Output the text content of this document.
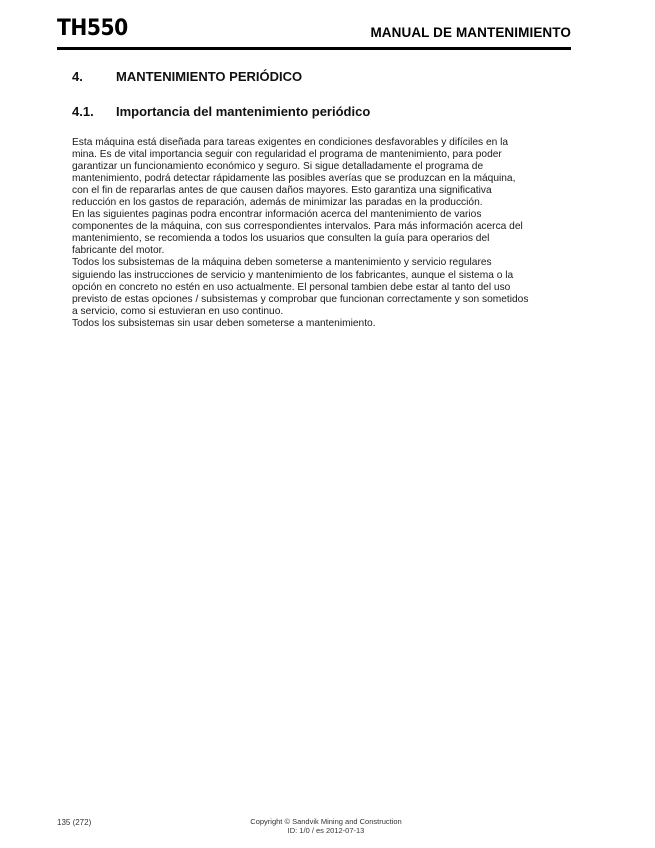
TH550	MANUAL DE MANTENIMIENTO
4.	MANTENIMIENTO PERIÓDICO
4.1. Importancia del mantenimiento periódico

Esta máquina está diseñada para tareas exigentes en condiciones desfavorables y difíciles en la
mina. Es de vital importancia seguir con regularidad el programa de mantenimiento, para poder
garantizar un funcionamiento económico y seguro. Si sigue detalladamente el programa de
mantenimiento, podrá detectar rápidamente las posibles averías que se produzcan en la máquina,
con el fin de repararlas antes de que causen daños mayores. Esto garantiza una significativa
reducción en los gastos de reparación, además de minimizar las paradas en la producción.

En las siguientes paginas podra encontrar información acerca del mantenimiento de varios
componentes de la máquina, con sus correspondientes intervalos. Para más información acerca del
mantenimiento, se recomienda a todos los usuarios que consulten la guía para operarios del
fabricante del motor.

Todos los subsistemas de la máquina deben someterse a mantenimiento y servicio regulares
siguiendo las instrucciones de servicio y mantenimiento de los fabricantes, aunque el sistema o la
opción en concreto no estén en uso actualmente. El personal tambien debe estar al tanto del uso
previsto de estas opciones / subsistemas y comprobar que funcionan correctamente y son sometidos
a servicio, como si estuvieran en uso continuo.

Todos los subsistemas sin usar deben someterse a mantenimiento.

135 (272)	Copyright © Sandvik Mining and Construction
ID: 1/0 / es 2012-07-13
